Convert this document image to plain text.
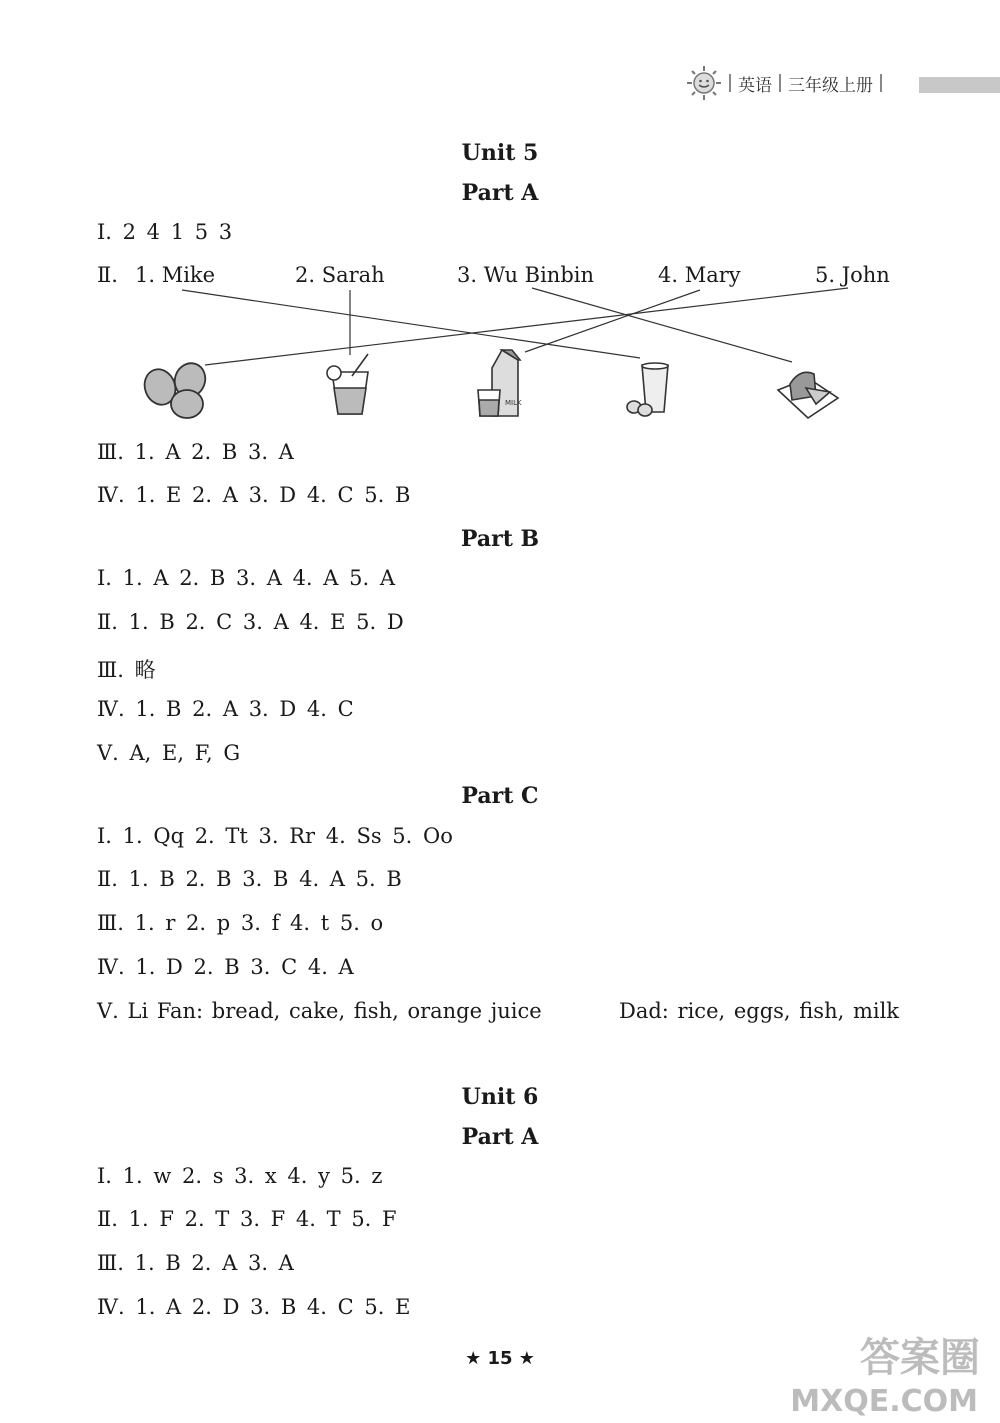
英语 三年级上册
Unit 5
Part A
Ⅰ. 2 4 1 5 3
Ⅱ. 1. Mike	2. Sarah	3. Wu Binbin	4. Mary	5. John
MILK
Ⅲ. 1. A 2. B 3. A
Ⅳ. 1. E 2. A 3. D 4. C 5. B
Part B
Ⅰ. 1. A 2. B 3. A 4. A 5. A
Ⅱ. 1. B 2. C 3. A 4. E 5. D
Ⅲ. 略
Ⅳ. 1. B 2. A 3. D 4. C
Ⅴ. A, E, F, G
Part C
Ⅰ. 1. Qq 2. Tt 3. Rr 4. Ss 5. Oo
Ⅱ. 1. B 2. B 3. B 4. A 5. B
Ⅲ. 1. r 2. p 3. f 4. t 5. o
Ⅳ. 1. D 2. B 3. C 4. A
Ⅴ. Li Fan: bread, cake, fish, orange juice	Dad: rice, eggs, fish, milk
Unit 6
Part A
Ⅰ. 1. w 2. s 3. x 4. y 5. z
Ⅱ. 1. F 2. T 3. F 4. T 5. F
Ⅲ. 1. B 2. A 3. A
Ⅳ. 1. A 2. D 3. B 4. C 5. E
★ 15 ★	答案圈
MXQE.COM
